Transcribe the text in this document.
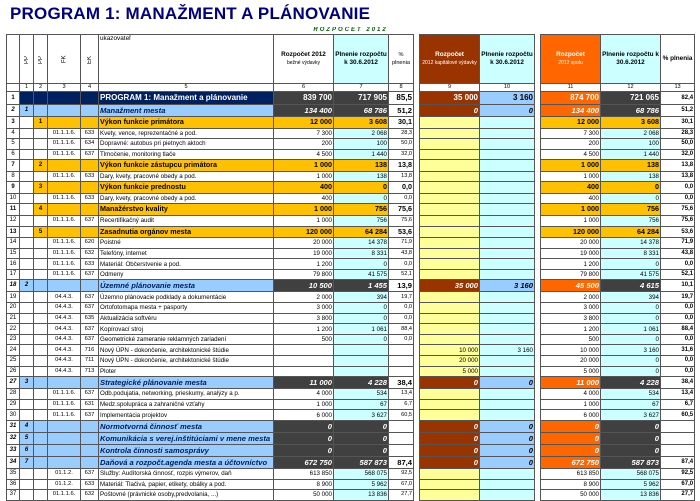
PROGRAM 1: MANAŽMENT A PLÁNOVANIE
ROZPOČET 2012															
	PP	PP	FK	EK	ukazovateľ	Rozpočet 2012
bežné výdavky	Plnenie rozpočtu k 30.6.2012	% plnenia		Rozpočet
2012 kapitálové výdavky	Plnenie rozpočtu k 30.6.2012		Rozpočet
2012 spolu	Plnenie rozpočtu k 30.6.2012	% plnenia
	1	2	3	4	5	6	7	8		9	10		11	12	13
1					PROGRAM 1: Manažment a plánovanie	839 700	717 905	85,5		35 000	3 160		874 700	721 065	82,4
2	1				Manažment mesta	134 400	68 786	51,2		0	0		134 400	68 786	51,2
3		1			Výkon funkcie primátora	12 000	3 608	30,1					12 000	3 608	30,1
4			01.1.1.6.	633	Kvety, vence, reprezentačné a pod.	7 300	2 068	28,3					7 300	2 068	28,3
5			01.1.1.6.	634	Dopravné: autobus pri pietnych aktoch	200	100	50,0					200	100	50,0
6			01.1.1.6.	637	Tlmočenie, monitoring tlače	4 500	1 440	32,0					4 500	1 440	32,0
7		2			Výkon funkcie zástupcu primátora	1 000	138	13,8					1 000	138	13,8
8			01.1.1.6.	633	Dary, kvety, pracovné obedy a pod.	1 000	138	13,8					1 000	138	13,8
9		3			Výkon funkcie prednostu	400	0	0,0					400	0	0,0
10			01.1.1.6.	633	Dary, kvety, pracovné obedy a pod.	400	0	0,0					400	0	0,0
11		4			Manažérstvo kvality	1 000	756	75,6					1 000	756	75,6
12			01.1.1.6.	637	Recertifikačný audit	1 000	756	75,6					1 000	756	75,6
13		5			Zasadnutia orgánov mesta	120 000	64 284	53,6					120 000	64 284	53,6
14			01.1.1.6.	620	Poistné	20 000	14 378	71,9					20 000	14 378	71,9
15			01.1.1.6.	632	Telefóny, internet	19 000	8 331	43,8					19 000	8 331	43,8
16			01.1.1.6.	633	Materiál: Občerstvenie a pod.	1 200	0	0,0					1 200	0	0,0
17			01.1.1.6.	637	Odmeny	79 800	41 575	52,1					79 800	41 575	52,1
18	2				Územné plánovanie mesta	10 500	1 455	13,9		35 000	3 160		45 500	4 615	10,1
19			04.4.3.	637	Územno plánovacie podklady a dokumentácie	2 000	394	19,7					2 000	394	19,7
20			04.4.3.	637	Ortofotomapa mesta + pasporty	3 000	0	0,0					3 000	0	0,0
21			04.4.3.	635	Aktualizácia softvéru	3 800	0	0,0					3 800	0	0,0
22			04.4.3.	637	Kopírovací stroj	1 200	1 061	88,4					1 200	1 061	88,4
23			04.4.3.	637	Geometrické zameranie reklamných zariadení	500	0	0,0					500	0	0,0
24			04.4.3.	716	Nový ÚPN - dokončenie, architektonické štúdie					10 000	3 160		10 000	3 160	31,6
25			04.4.3.	711	Nový ÚPN - dokončenie, architektonické štúdie					20 000			20 000	0	0,0
26			04.4.3.	713	Ploter					5 000			5 000	0	0,0
27	3				Strategické plánovanie mesta	11 000	4 228	38,4		0	0		11 000	4 228	38,4
28			01.1.1.6.	637	Odb.podujatia, networking, prieskumy, analýzy a p.	4 000	534	13,4					4 000	534	13,4
29			01.1.1.6.	631	Medz.spolupráca a zahraničné vzťahy	1 000	67	6,7					1 000	67	6,7
30			01.1.1.6.	637	Implementácia projektov	6 000	3 627	60,5					6 000	3 627	60,5
31	4				Normotvorná činnosť mesta	0	0			0	0		0	0	
32	5				Komunikácia s verej.inštitúciami v mene mesta	0	0			0	0		0	0	
33	6				Kontrola činnosti samosprávy	0	0			0	0		0	0	
34	7				Daňová a rozpočt.agenda mesta a účtovníctvo	672 750	587 873	87,4		0	0		672 750	587 873	87,4
35			01.1.2.	637	Služby: Audítorská činnosť, rozpis výmerov, daň	613 850	568 075	92,5					613 850	568 075	92,5
36			01.1.2.	633	Materiál: Tlačivá, papier, etikety, obálky a pod.	8 900	5 962	67,0					8 900	5 962	67,0
37			01.1.1.6.	632	Poštovné (právnické osoby,predvolania, ...)	50 000	13 836	27,7					50 000	13 836	27,7
